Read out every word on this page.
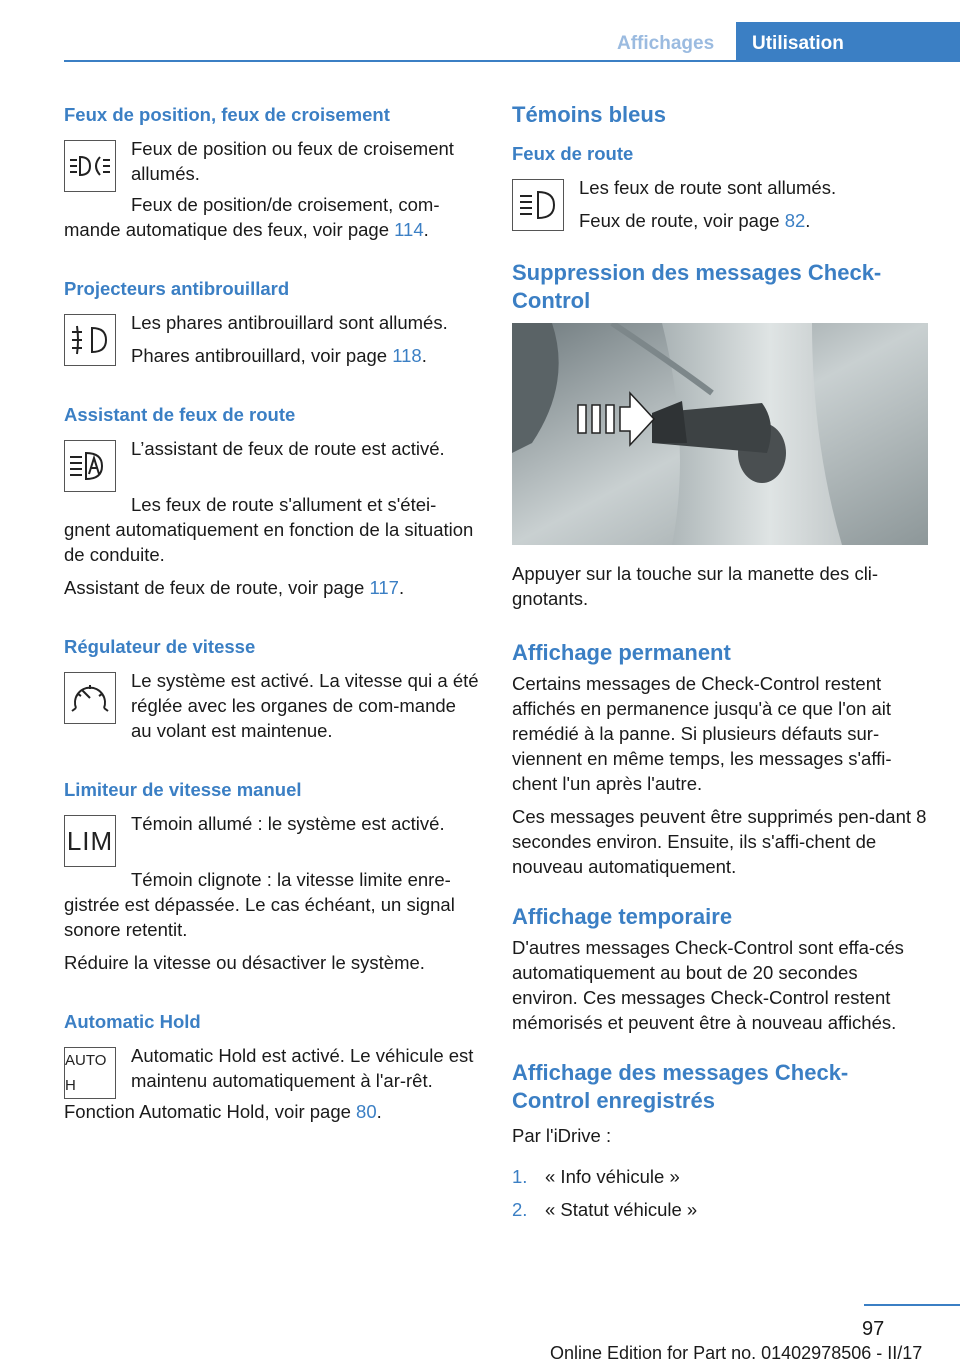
Affichages Utilisation
Feux de position, feux de croisement

Feux de position ou feux de croisement allumés.

Feux de position/de croisement, com-mande automatique des feux, voir page 114.

Projecteurs antibrouillard

Les phares antibrouillard sont allumés.

Phares antibrouillard, voir page 118.

Assistant de feux de route

L’assistant de feux de route est activé.

Les feux de route s'allument et s'étei-gnent automatiquement en fonction de la situation de conduite.

Assistant de feux de route, voir page 117.

Régulateur de vitesse

Le système est activé. La vitesse qui a été réglée avec les organes de com-mande au volant est maintenue.

Limiteur de vitesse manuel
LIM

Témoin allumé : le système est activé.

Témoin clignote : la vitesse limite enre-gistrée est dépassée. Le cas échéant, un signal sonore retentit.

Réduire la vitesse ou désactiver le système.

Automatic Hold
AUTO H

Automatic Hold est activé. Le véhicule est maintenu automatiquement à l'ar-rêt.

Fonction Automatic Hold, voir page 80.

Témoins bleus
Feux de route

Les feux de route sont allumés.

Feux de route, voir page 82.

Suppression des messages Check-Control

Appuyer sur la touche sur la manette des cli-gnotants.

Affichage permanent

Certains messages de Check-Control restent affichés en permanence jusqu'à ce que l'on ait remédié à la panne. Si plusieurs défauts sur-viennent en même temps, les messages s'affi-chent l'un après l'autre.

Ces messages peuvent être supprimés pen-dant 8 secondes environ. Ensuite, ils s'affi-chent de nouveau automatiquement.

Affichage temporaire

D'autres messages Check-Control sont effa-cés automatiquement au bout de 20 secondes environ. Ces messages Check-Control restent mémorisés et peuvent être à nouveau affichés.

Affichage des messages Check-Control enregistrés

Par l'iDrive :

1. « Info véhicule »
2. « Statut véhicule »
97
Online Edition for Part no. 01402978506 - II/17
